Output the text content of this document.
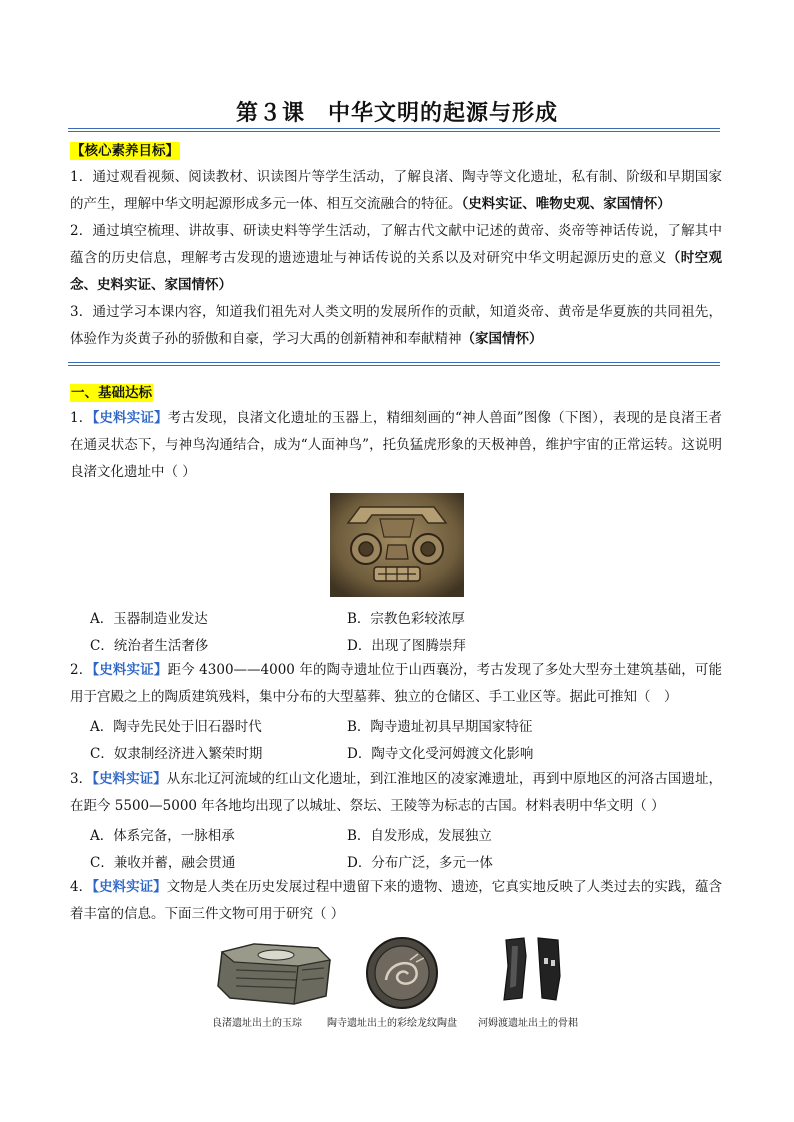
第３课　中华文明的起源与形成
【核心素养目标】
1．通过观看视频、阅读教材、识读图片等学生活动，了解良渚、陶寺等文化遗址，私有制、阶级和早期国家的产生，理解中华文明起源形成多元一体、相互交流融合的特征。（史料实证、唯物史观、家国情怀）
2．通过填空梳理、讲故事、研读史料等学生活动，了解古代文献中记述的黄帝、炎帝等神话传说，了解其中蕴含的历史信息，理解考古发现的遗迹遗址与神话传说的关系以及对研究中华文明起源历史的意义（时空观念、史料实证、家国情怀）
3．通过学习本课内容，知道我们祖先对人类文明的发展所作的贡献，知道炎帝、黄帝是华夏族的共同祖先，体验作为炎黄子孙的骄傲和自豪，学习大禹的创新精神和奉献精神（家国情怀）
一、基础达标
1．【史料实证】考古发现，良渚文化遗址的玉器上，精细刻画的“神人兽面”图像（下图），表现的是良渚王者在通灵状态下，与神鸟沟通结合，成为“人面神鸟”，托负猛虎形象的天极神兽，维护宇宙的正常运转。这说明良渚文化遗址中（ ）
A．玉器制造业发达	B．宗教色彩较浓厚
C．统治者生活奢侈	D．出现了图腾崇拜
2．【史料实证】距今 4300——4000 年的陶寺遗址位于山西襄汾，考古发现了多处大型夯土建筑基础，可能用于宫殿之上的陶质建筑残料，集中分布的大型墓葬、独立的仓储区、手工业区等。据此可推知（　）
A．陶寺先民处于旧石器时代	B．陶寺遗址初具早期国家特征
C．奴隶制经济进入繁荣时期	D．陶寺文化受河姆渡文化影响
3．【史料实证】从东北辽河流域的红山文化遗址，到江淮地区的凌家滩遗址，再到中原地区的河洛古国遗址，在距今 5500—5000 年各地均出现了以城址、祭坛、王陵等为标志的古国。材料表明中华文明（ ）
A．体系完备，一脉相承	B．自发形成，发展独立
C．兼收并蓄，融会贯通	D．分布广泛，多元一体
4．【史料实证】文物是人类在历史发展过程中遗留下来的遗物、遗迹，它真实地反映了人类过去的实践，蕴含着丰富的信息。下面三件文物可用于研究（ ）
良渚遗址出土的玉琮	陶寺遗址出土的彩绘龙纹陶盘 河姆渡遗址出土的骨耜
